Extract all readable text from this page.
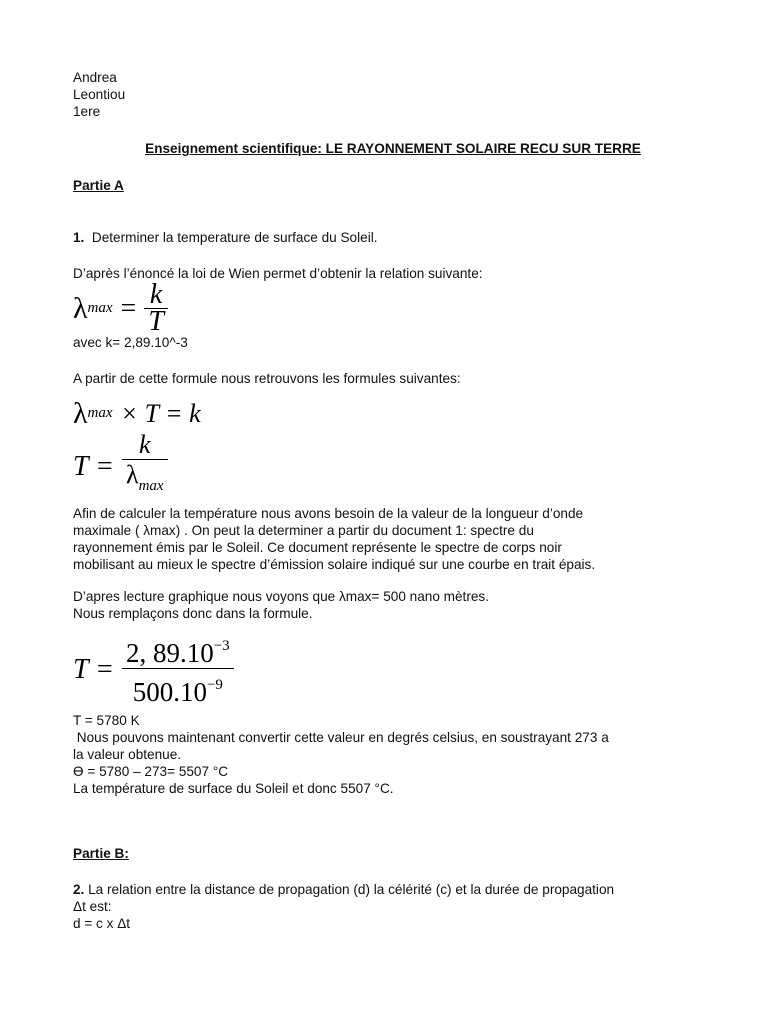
Andrea

Leontiou

1ere

Enseignement scientifique: LE RAYONNEMENT SOLAIRE RECU SUR TERRE

Partie A

1. Determiner la temperature de surface du Soleil.

D’après l’énoncé la loi de Wien permet d’obtenir la relation suivante:

λ $\max = \frac{k}{T}$

avec k= 2,89.10^-3

A partir de cette formule nous retrouvons les formules suivantes:

λ max × T = k
$T = \frac{k}{\lambda_{max}}$

Afin de calculer la température nous avons besoin de la valeur de la longueur d’onde

maximale ( λmax) . On peut la determiner a partir du document 1: spectre du

rayonnement émis par le Soleil. Ce document représente le spectre de corps noir

mobilisant au mieux le spectre d’émission solaire indiqué sur une courbe en trait épais.

D’apres lecture graphique nous voyons que λmax= 500 nano mètres.

Nous remplaçons donc dans la formule.

$T = \frac{2, 89.10^{-3}}{500.10^{-9}}$

T = 5780 K

Nous pouvons maintenant convertir cette valeur en degrés celsius, en soustrayant 273 a

la valeur obtenue.

ϴ = 5780 – 273= 5507 °C

La température de surface du Soleil et donc 5507 °C.

Partie B:

2. La relation entre la distance de propagation (d) la célérité (c) et la durée de propagation

Δt est:

d = c x Δt
